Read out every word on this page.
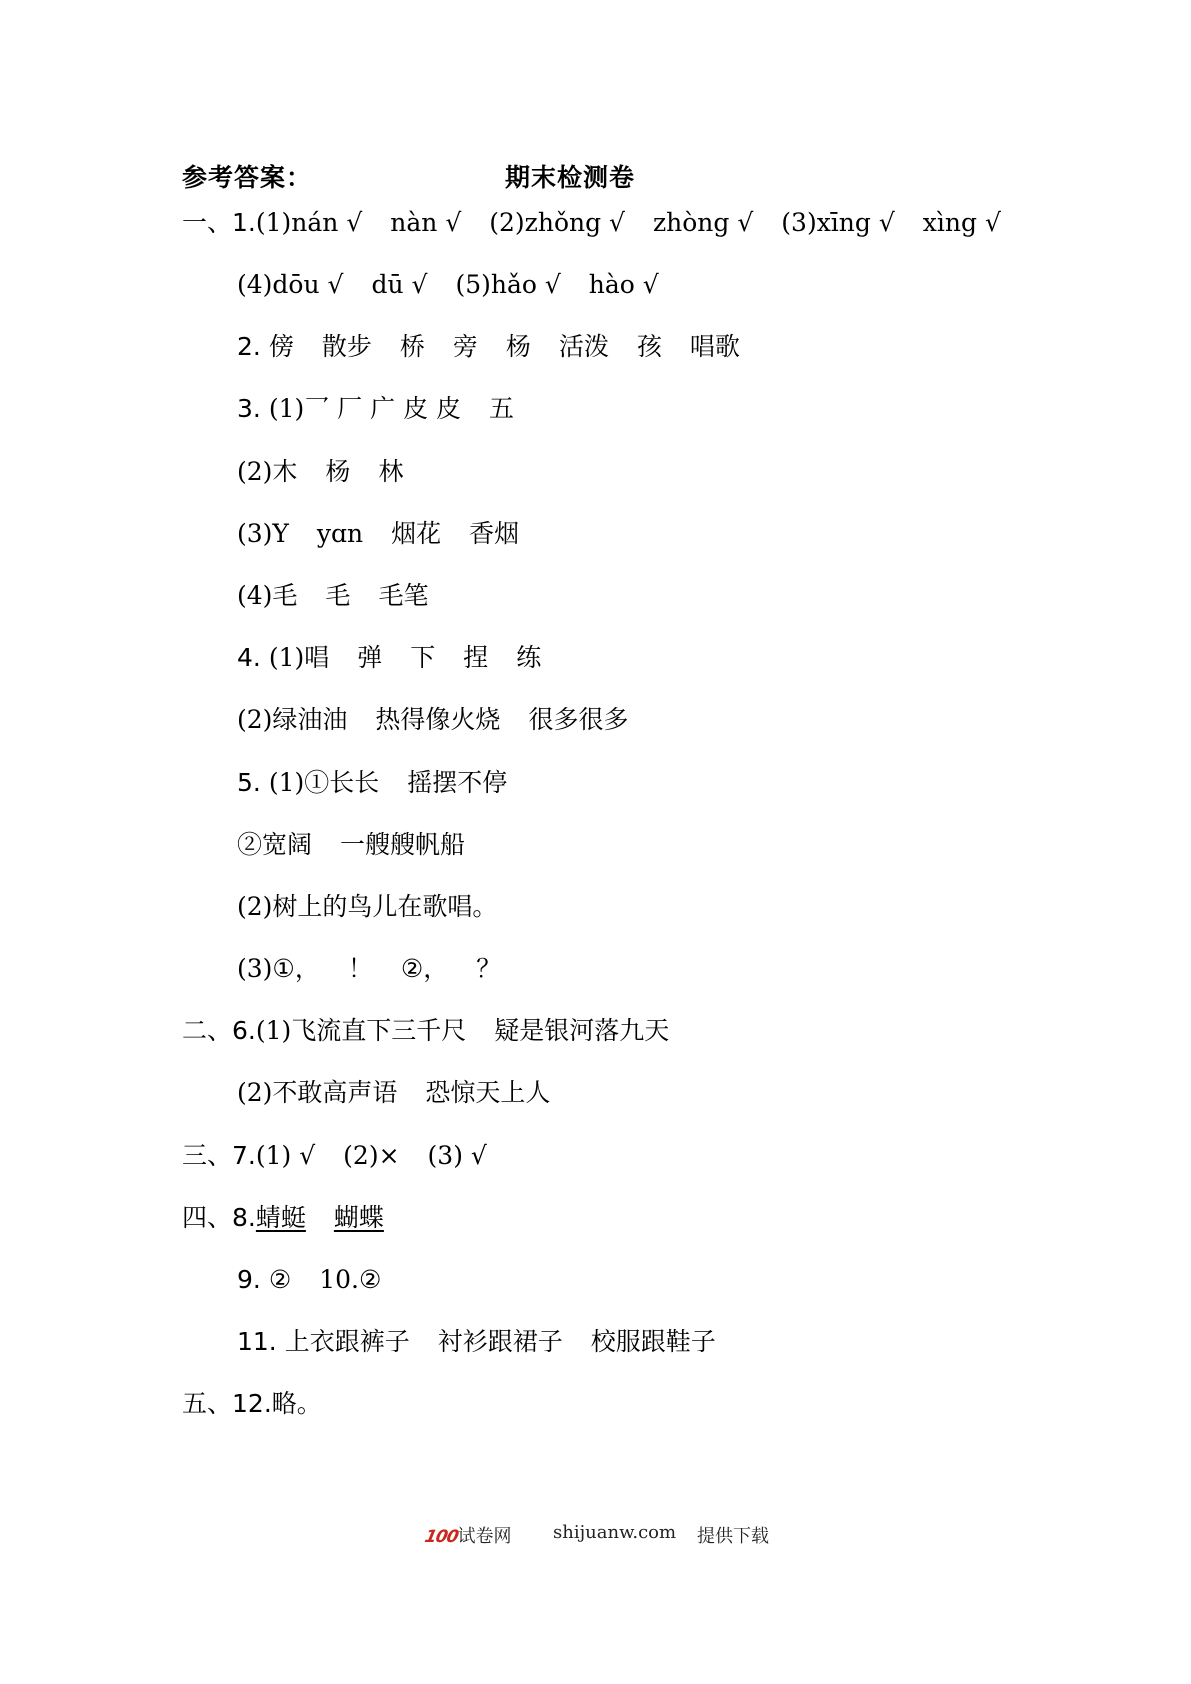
参考答案：	期末检测卷
一、1.(1)nán √ nàn √ (2)zhǒng √ zhòng √ (3)xīng √ xìng √
(4)dōu √ dū √ (5)hǎo √ hào √
2. 傍 散步 桥 旁 杨 活泼 孩 唱歌
3. (1)乛 厂 广 皮 皮 五
(2)木 杨 林
(3)Y yɑn 烟花 香烟
(4)毛 毛 毛笔
4. (1)唱 弹 下 捏 练
(2)绿油油 热得像火烧 很多很多
5. (1)①长长 摇摆不停
②宽阔 一艘艘帆船
(2)树上的鸟儿在歌唱。
(3)①， ！ ②， ？
二、6.(1)飞流直下三千尺 疑是银河落九天
(2)不敢高声语 恐惊天上人
三、7.(1) √ (2)× (3) √
四、8.蜻蜓 蝴蝶
9. ② 10.②
11. 上衣跟裤子 衬衫跟裙子 校服跟鞋子
五、12.略。
100试卷网 shijuanw.com 提供下载
